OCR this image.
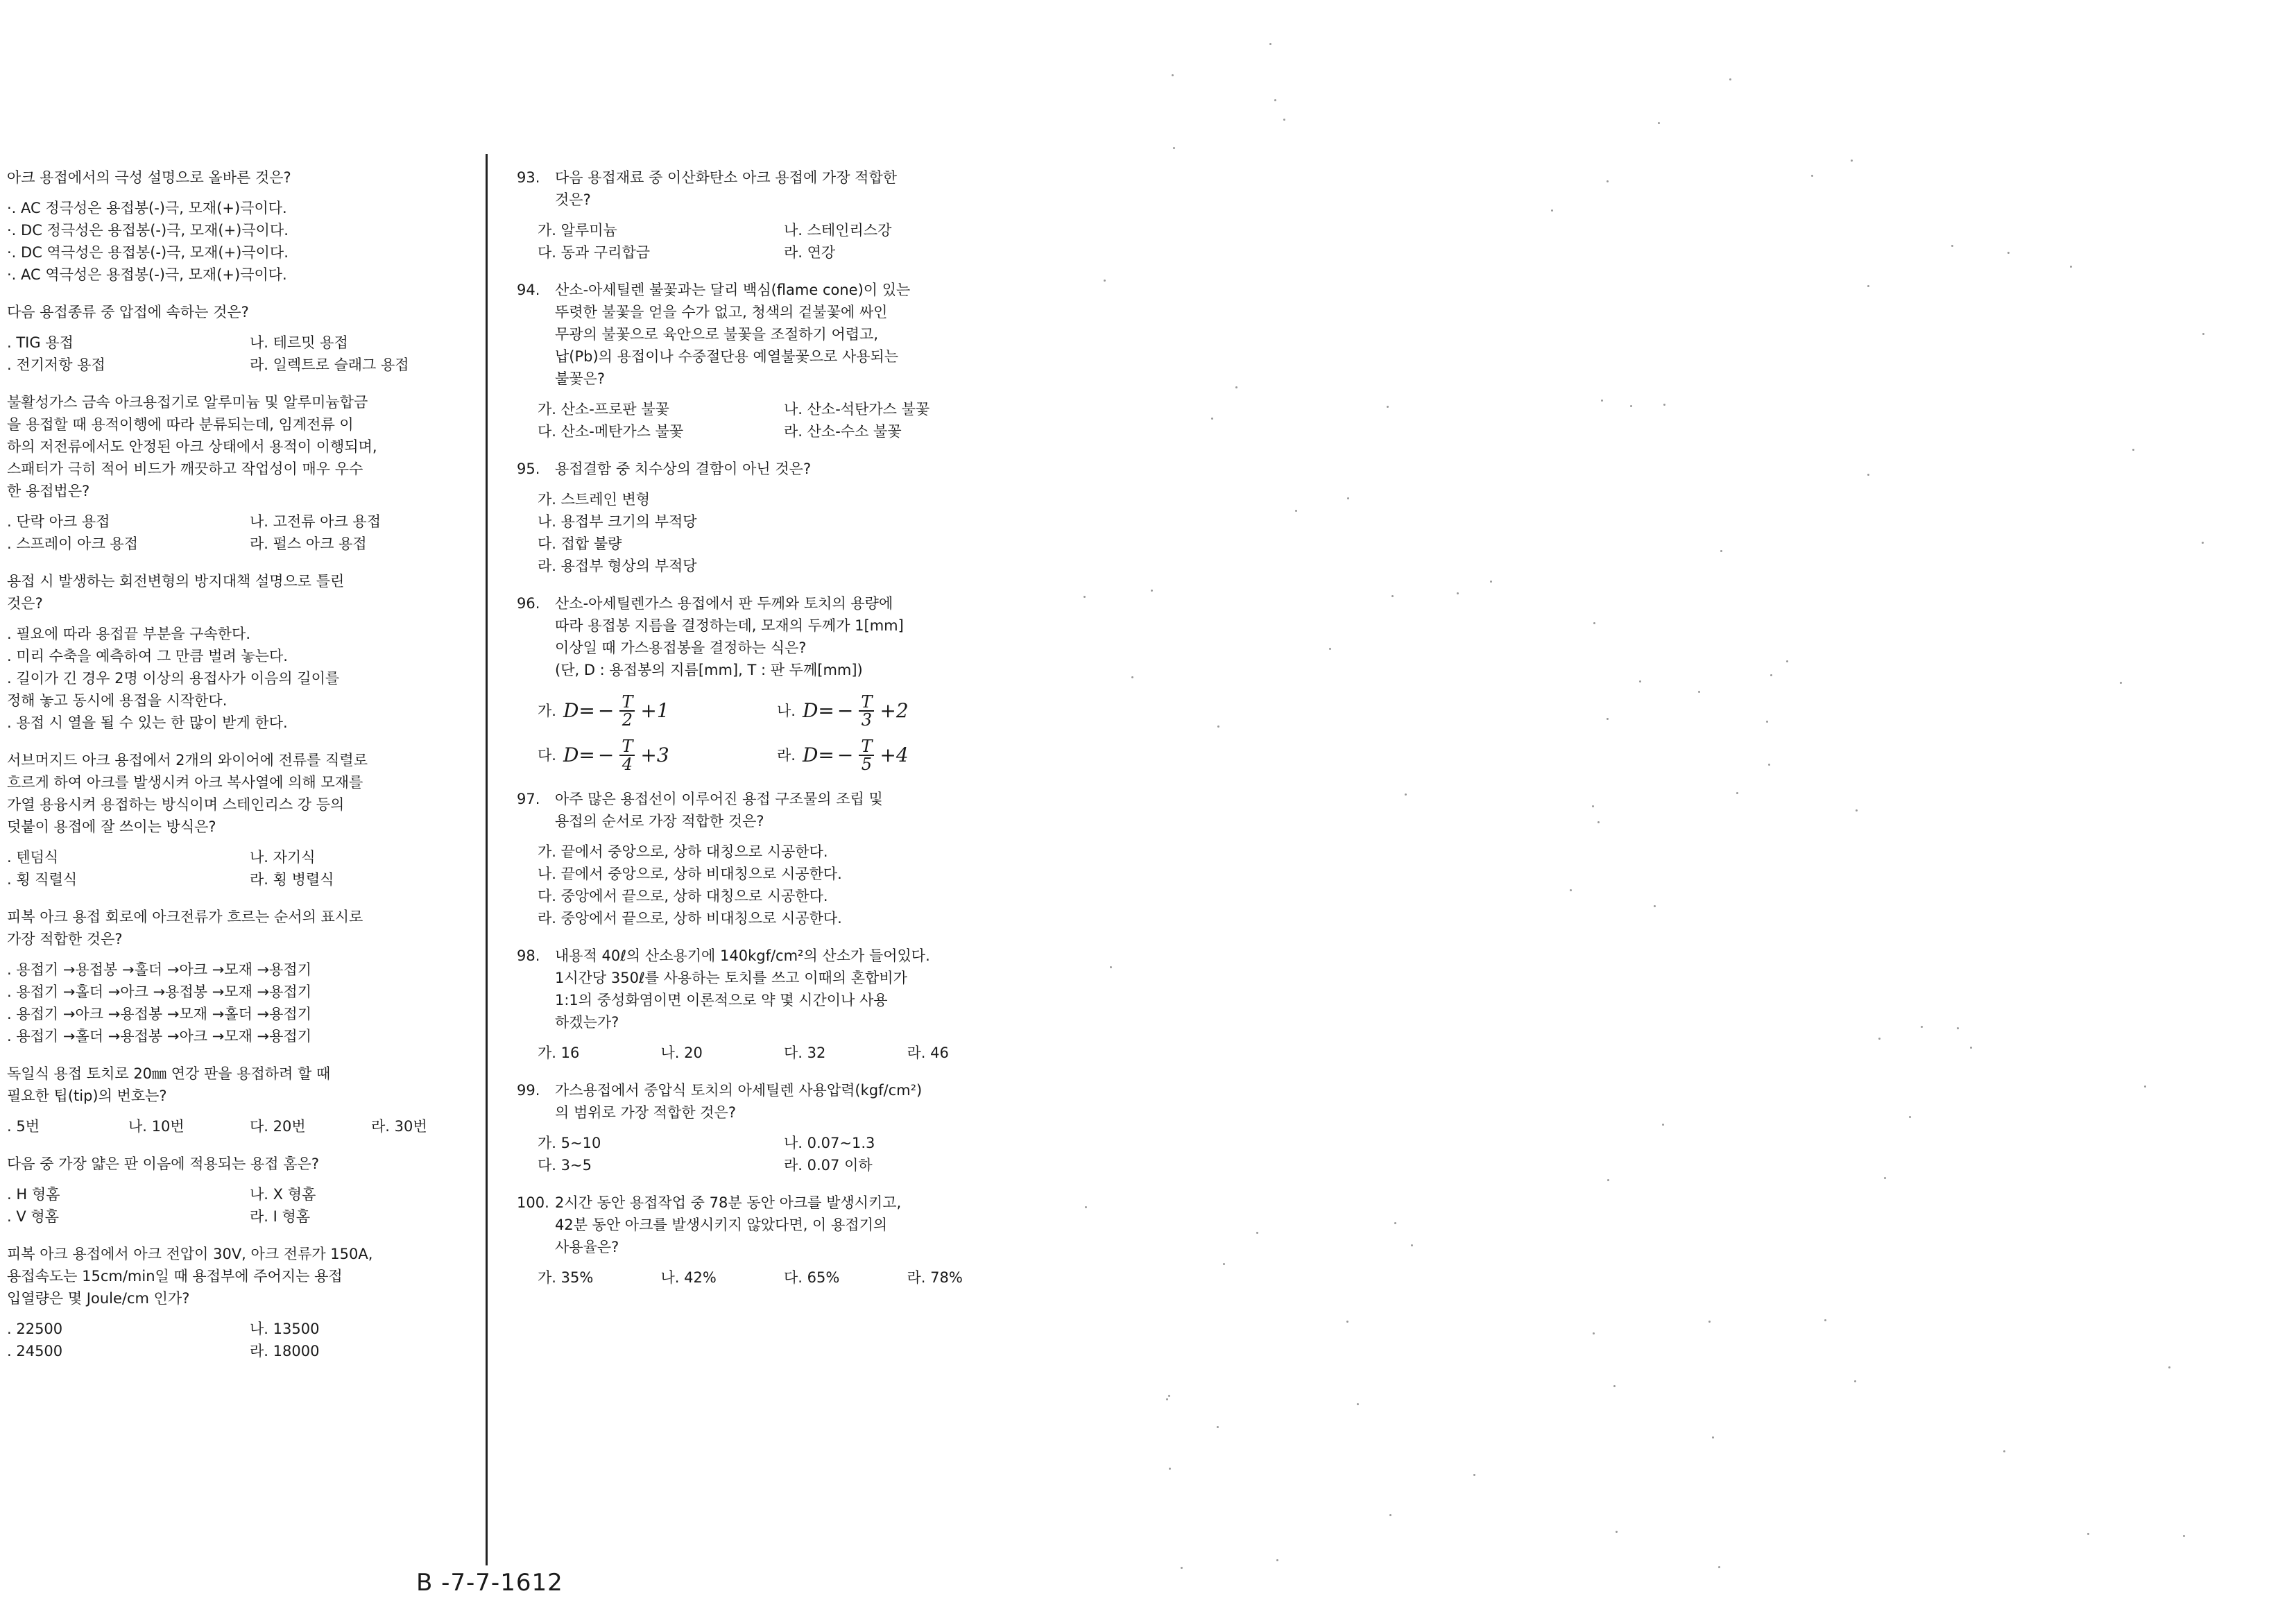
아크 용접에서의 극성 설명으로 올바른 것은?
·. AC 정극성은 용접봉(-)극, 모재(+)극이다.
·. DC 정극성은 용접봉(-)극, 모재(+)극이다.
·. DC 역극성은 용접봉(-)극, 모재(+)극이다.
·. AC 역극성은 용접봉(-)극, 모재(+)극이다.
다음 용접종류 중 압접에 속하는 것은?
. TIG 용접	나. 테르밋 용접
. 전기저항 용접	라. 일렉트로 슬래그 용접
불활성가스 금속 아크용접기로 알루미늄 및 알루미늄합금
을 용접할 때 용적이행에 따라 분류되는데, 임계전류 이
하의 저전류에서도 안정된 아크 상태에서 용적이 이행되며,
스패터가 극히 적어 비드가 깨끗하고 작업성이 매우 우수
한 용접법은?
. 단락 아크 용접	나. 고전류 아크 용접
. 스프레이 아크 용접	라. 펄스 아크 용접
용접 시 발생하는 회전변형의 방지대책 설명으로 틀린
것은?
. 필요에 따라 용접끝 부분을 구속한다.
. 미리 수축을 예측하여 그 만큼 벌려 놓는다.
. 길이가 긴 경우 2명 이상의 용접사가 이음의 길이를
정해 놓고 동시에 용접을 시작한다.
. 용접 시 열을 될 수 있는 한 많이 받게 한다.
서브머지드 아크 용접에서 2개의 와이어에 전류를 직렬로
흐르게 하여 아크를 발생시켜 아크 복사열에 의해 모재를
가열 용융시켜 용접하는 방식이며 스테인리스 강 등의
덧붙이 용접에 잘 쓰이는 방식은?
. 텐덤식	나. 자기식
. 횡 직렬식	라. 횡 병렬식
피복 아크 용접 회로에 아크전류가 흐르는 순서의 표시로
가장 적합한 것은?
. 용접기 →용접봉 →홀더 →아크 →모재 →용접기
. 용접기 →홀더 →아크 →용접봉 →모재 →용접기
. 용접기 →아크 →용접봉 →모재 →홀더 →용접기
. 용접기 →홀더 →용접봉 →아크 →모재 →용접기
독일식 용접 토치로 20㎜ 연강 판을 용접하려 할 때
필요한 팁(tip)의 번호는?
. 5번	나. 10번	다. 20번	라. 30번
다음 중 가장 얇은 판 이음에 적용되는 용접 홈은?
. H 형홈	나. X 형홈
. V 형홈	라. I 형홈
피복 아크 용접에서 아크 전압이 30V, 아크 전류가 150A,
용접속도는 15cm/min일 때 용접부에 주어지는 용접
입열량은 몇 Joule/cm 인가?
. 22500	나. 13500
. 24500	라. 18000
93. 다음 용접재료 중 이산화탄소 아크 용접에 가장 적합한
것은?
가. 알루미늄	나. 스테인리스강
다. 동과 구리합금	라. 연강
94. 산소-아세틸렌 불꽃과는 달리 백심(flame cone)이 있는
뚜렷한 불꽃을 얻을 수가 없고, 청색의 겉불꽃에 싸인
무광의 불꽃으로 육안으로 불꽃을 조절하기 어렵고,
납(Pb)의 용접이나 수중절단용 예열불꽃으로 사용되는
불꽃은?
가. 산소-프로판 불꽃	나. 산소-석탄가스 불꽃
다. 산소-메탄가스 불꽃	라. 산소-수소 불꽃
95. 용접결함 중 치수상의 결함이 아닌 것은?
가. 스트레인 변형
나. 용접부 크기의 부적당
다. 접합 불량
라. 용접부 형상의 부적당
96. 산소-아세틸렌가스 용접에서 판 두께와 토치의 용량에
따라 용접봉 지름을 결정하는데, 모재의 두께가 1[mm]
이상일 때 가스용접봉을 결정하는 식은?
(단, D : 용접봉의 지름[mm], T : 판 두께[mm])
가. $D= - \frac{T}{2} +1$	나. $D= - \frac{T}{3} +2$
다. $D= - \frac{T}{4} +3$	라. $D= - \frac{T}{5} +4$
97. 아주 많은 용접선이 이루어진 용접 구조물의 조립 및
용접의 순서로 가장 적합한 것은?
가. 끝에서 중앙으로, 상하 대칭으로 시공한다.
나. 끝에서 중앙으로, 상하 비대칭으로 시공한다.
다. 중앙에서 끝으로, 상하 대칭으로 시공한다.
라. 중앙에서 끝으로, 상하 비대칭으로 시공한다.
98. 내용적 40ℓ의 산소용기에 140kgf/cm²의 산소가 들어있다.
1시간당 350ℓ를 사용하는 토치를 쓰고 이때의 혼합비가
1:1의 중성화염이면 이론적으로 약 몇 시간이나 사용
하겠는가?
가. 16	나. 20	다. 32	라. 46
99. 가스용접에서 중압식 토치의 아세틸렌 사용압력(kgf/cm²)
의 범위로 가장 적합한 것은?
가. 5~10	나. 0.07~1.3
다. 3~5	라. 0.07 이하
100. 2시간 동안 용접작업 중 78분 동안 아크를 발생시키고,
42분 동안 아크를 발생시키지 않았다면, 이 용접기의
사용율은?
가. 35%	나. 42%	다. 65%	라. 78%
B -7-7-1612
